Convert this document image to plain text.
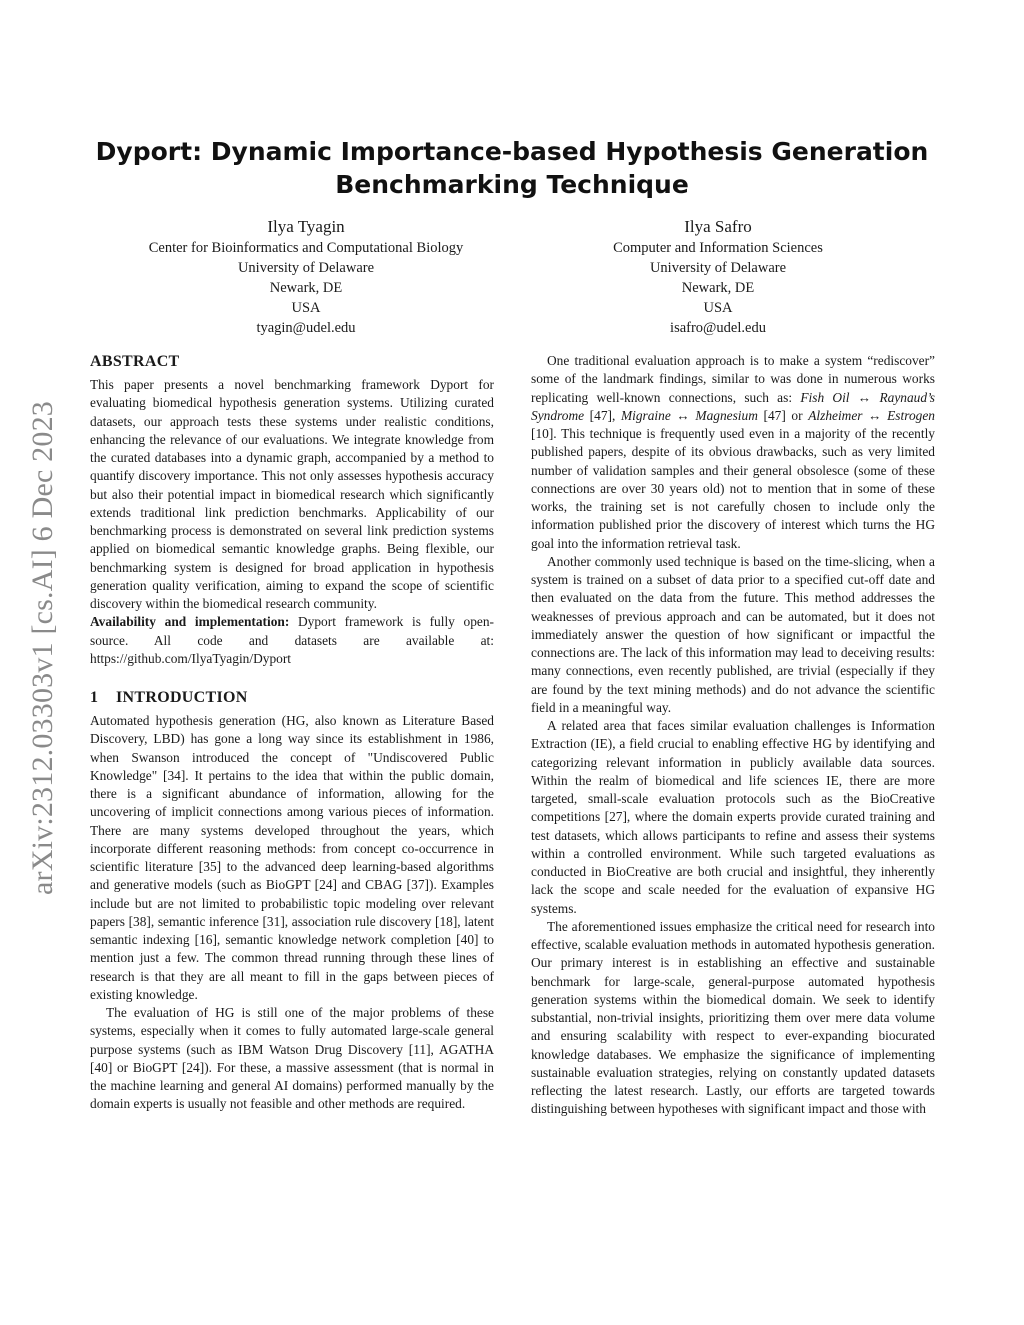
arXiv:2312.03303v1 [cs.AI] 6 Dec 2023
Dyport: Dynamic Importance-based Hypothesis Generation
Benchmarking Technique
Ilya Tyagin
Center for Bioinformatics and Computational Biology
University of Delaware
Newark, DE
USA
tyagin@udel.edu
Ilya Safro
Computer and Information Sciences
University of Delaware
Newark, DE
USA
isafro@udel.edu
ABSTRACT

This paper presents a novel benchmarking framework Dyport for evaluating biomedical hypothesis generation systems. Utilizing curated datasets, our approach tests these systems under realistic conditions, enhancing the relevance of our evaluations. We integrate knowledge from the curated databases into a dynamic graph, accompanied by a method to quantify discovery importance. This not only assesses hypothesis accuracy but also their potential impact in biomedical research which significantly extends traditional link prediction benchmarks. Applicability of our benchmarking process is demonstrated on several link prediction systems applied on biomedical semantic knowledge graphs. Being flexible, our benchmarking system is designed for broad application in hypothesis generation quality verification, aiming to expand the scope of scientific discovery within the biomedical research community.

Availability and implementation: Dyport framework is fully open-source. All code and datasets are available at: https://github.com/IlyaTyagin/Dyport

1 INTRODUCTION

Automated hypothesis generation (HG, also known as Literature Based Discovery, LBD) has gone a long way since its establishment in 1986, when Swanson introduced the concept of "Undiscovered Public Knowledge" [34]. It pertains to the idea that within the public domain, there is a significant abundance of information, allowing for the uncovering of implicit connections among various pieces of information. There are many systems developed throughout the years, which incorporate different reasoning methods: from concept co-occurrence in scientific literature [35] to the advanced deep learning-based algorithms and generative models (such as BioGPT [24] and CBAG [37]). Examples include but are not limited to probabilistic topic modeling over relevant papers [38], semantic inference [31], association rule discovery [18], latent semantic indexing [16], semantic knowledge network completion [40] to mention just a few. The common thread running through these lines of research is that they are all meant to fill in the gaps between pieces of existing knowledge.

The evaluation of HG is still one of the major problems of these systems, especially when it comes to fully automated large-scale general purpose systems (such as IBM Watson Drug Discovery [11], AGATHA [40] or BioGPT [24]). For these, a massive assessment (that is normal in the machine learning and general AI domains) performed manually by the domain experts is usually not feasible and other methods are required.

One traditional evaluation approach is to make a system “rediscover” some of the landmark findings, similar to was done in numerous works replicating well-known connections, such as: Fish Oil ↔ Raynaud’s Syndrome [47], Migraine ↔ Magnesium [47] or Alzheimer ↔ Estrogen [10]. This technique is frequently used even in a majority of the recently published papers, despite of its obvious drawbacks, such as very limited number of validation samples and their general obsolesce (some of these connections are over 30 years old) not to mention that in some of these works, the training set is not carefully chosen to include only the information published prior the discovery of interest which turns the HG goal into the information retrieval task.

Another commonly used technique is based on the time-slicing, when a system is trained on a subset of data prior to a specified cut-off date and then evaluated on the data from the future. This method addresses the weaknesses of previous approach and can be automated, but it does not immediately answer the question of how significant or impactful the connections are. The lack of this information may lead to deceiving results: many connections, even recently published, are trivial (especially if they are found by the text mining methods) and do not advance the scientific field in a meaningful way.

A related area that faces similar evaluation challenges is Information Extraction (IE), a field crucial to enabling effective HG by identifying and categorizing relevant information in publicly available data sources. Within the realm of biomedical and life sciences IE, there are more targeted, small-scale evaluation protocols such as the BioCreative competitions [27], where the domain experts provide curated training and test datasets, which allows participants to refine and assess their systems within a controlled environment. While such targeted evaluations as conducted in BioCreative are both crucial and insightful, they inherently lack the scope and scale needed for the evaluation of expansive HG systems.

The aforementioned issues emphasize the critical need for research into effective, scalable evaluation methods in automated hypothesis generation. Our primary interest is in establishing an effective and sustainable benchmark for large-scale, general-purpose automated hypothesis generation systems within the biomedical domain. We seek to identify substantial, non-trivial insights, prioritizing them over mere data volume and ensuring scalability with respect to ever-expanding biocurated knowledge databases. We emphasize the significance of implementing sustainable evaluation strategies, relying on constantly updated datasets reflecting the latest research. Lastly, our efforts are targeted towards distinguishing between hypotheses with significant impact and those with
